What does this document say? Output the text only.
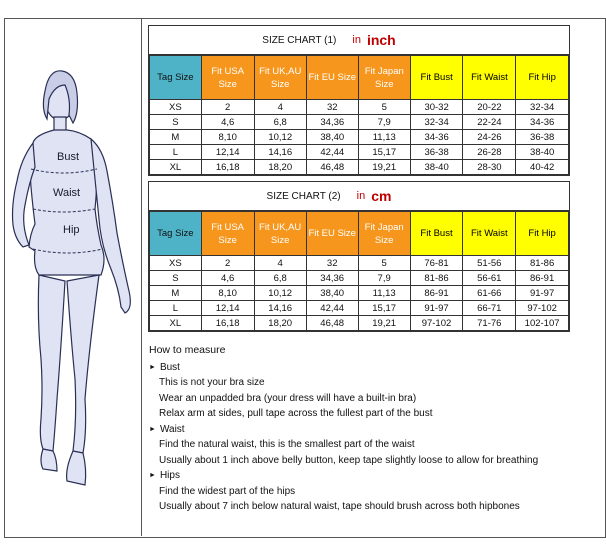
Bust
Waist
Hip
SIZE CHART (1) in inch
Tag Size	Fit USA Size	Fit UK,AU Size	Fit EU Size	Fit Japan Size	Fit Bust	Fit Waist	Fit Hip
XS	2	4	32	5	30-32	20-22	32-34
S	4,6	6,8	34,36	7,9	32-34	22-24	34-36
M	8,10	10,12	38,40	11,13	34-36	24-26	36-38
L	12,14	14,16	42,44	15,17	36-38	26-28	38-40
XL	16,18	18,20	46,48	19,21	38-40	28-30	40-42
SIZE CHART (2) in cm
Tag Size	Fit USA Size	Fit UK,AU Size	Fit EU Size	Fit Japan Size	Fit Bust	Fit Waist	Fit Hip
XS	2	4	32	5	76-81	51-56	81-86
S	4,6	6,8	34,36	7,9	81-86	56-61	86-91
M	8,10	10,12	38,40	11,13	86-91	61-66	91-97
L	12,14	14,16	42,44	15,17	91-97	66-71	97-102
XL	16,18	18,20	46,48	19,21	97-102	71-76	102-107
How to measure
► Bust
This is not your bra size
Wear an unpadded bra (your dress will have a built-in bra)
Relax arm at sides, pull tape across the fullest part of the bust
► Waist
Find the natural waist, this is the smallest part of the waist
Usually about 1 inch above belly button, keep tape slightly loose to allow for breathing
► Hips
Find the widest part of the hips
Usually about 7 inch below natural waist, tape should brush across both hipbones
